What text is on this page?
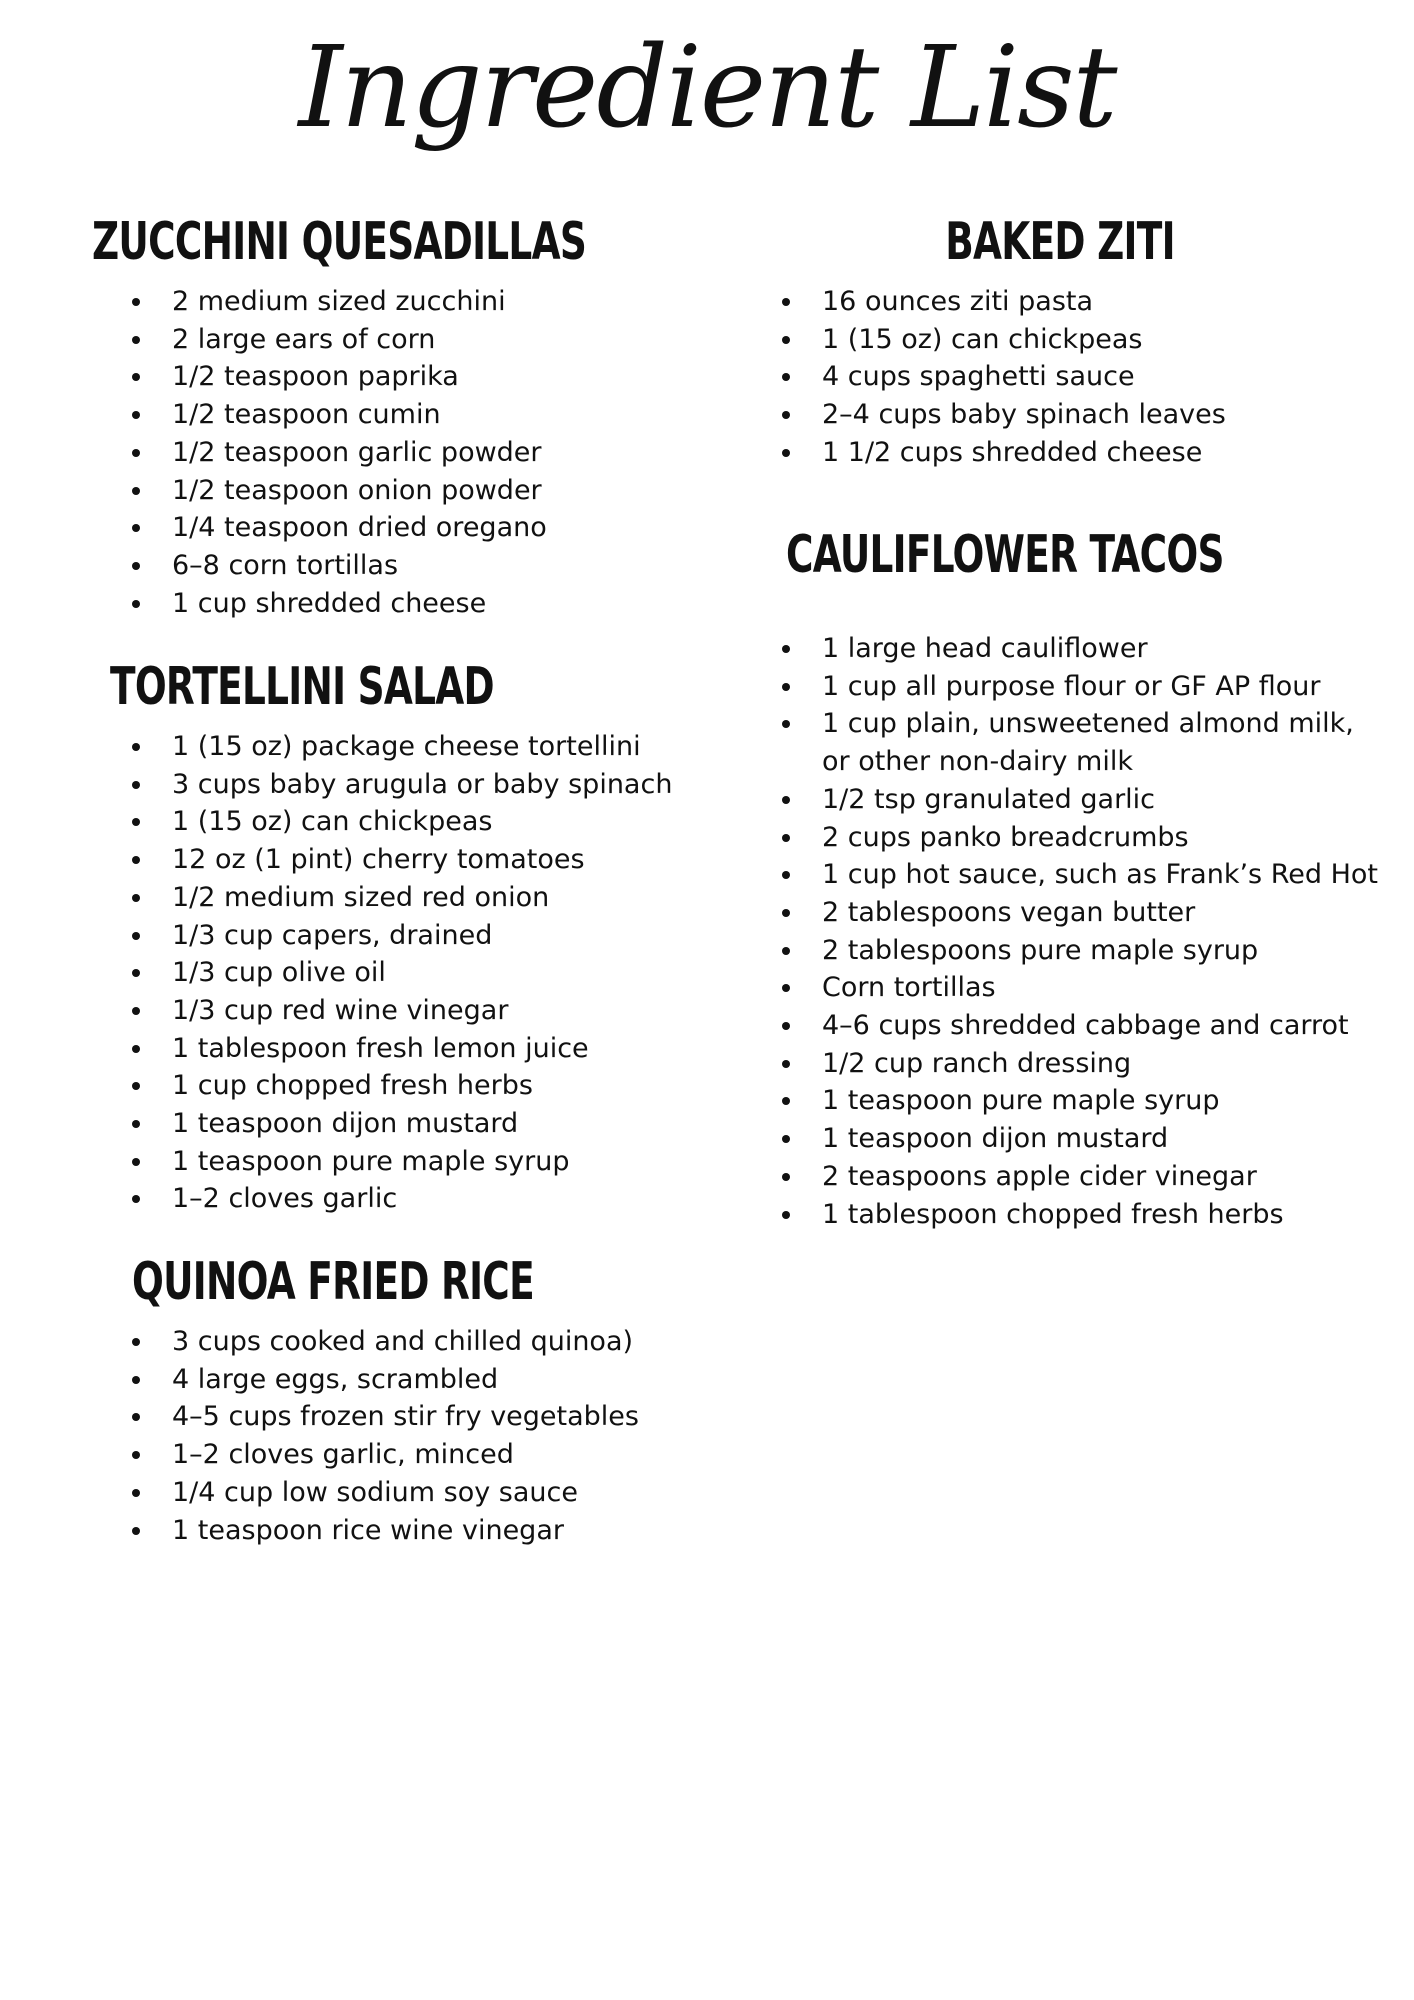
Ingredient List
ZUCCHINI QUESADILLAS
2 medium sized zucchini
2 large ears of corn
1/2 teaspoon paprika
1/2 teaspoon cumin
1/2 teaspoon garlic powder
1/2 teaspoon onion powder
1/4 teaspoon dried oregano
6–8 corn tortillas
1 cup shredded cheese
TORTELLINI SALAD
1 (15 oz) package cheese tortellini
3 cups baby arugula or baby spinach
1 (15 oz) can chickpeas
12 oz (1 pint) cherry tomatoes
1/2 medium sized red onion
1/3 cup capers, drained
1/3 cup olive oil
1/3 cup red wine vinegar
1 tablespoon fresh lemon juice
1 cup chopped fresh herbs
1 teaspoon dijon mustard
1 teaspoon pure maple syrup
1–2 cloves garlic
QUINOA FRIED RICE
3 cups cooked and chilled quinoa)
4 large eggs, scrambled
4–5 cups frozen stir fry vegetables
1–2 cloves garlic, minced
1/4 cup low sodium soy sauce
1 teaspoon rice wine vinegar
BAKED ZITI
16 ounces ziti pasta
1 (15 oz) can chickpeas
4 cups spaghetti sauce
2–4 cups baby spinach leaves
1 1/2 cups shredded cheese
CAULIFLOWER TACOS
1 large head cauliflower
1 cup all purpose flour or GF AP flour
1 cup plain, unsweetened almond milk, or other non-dairy milk
1/2 tsp granulated garlic
2 cups panko breadcrumbs
1 cup hot sauce, such as Frank’s Red Hot
2 tablespoons vegan butter
2 tablespoons pure maple syrup
Corn tortillas
4–6 cups shredded cabbage and carrot
1/2 cup ranch dressing
1 teaspoon pure maple syrup
1 teaspoon dijon mustard
2 teaspoons apple cider vinegar
1 tablespoon chopped fresh herbs
